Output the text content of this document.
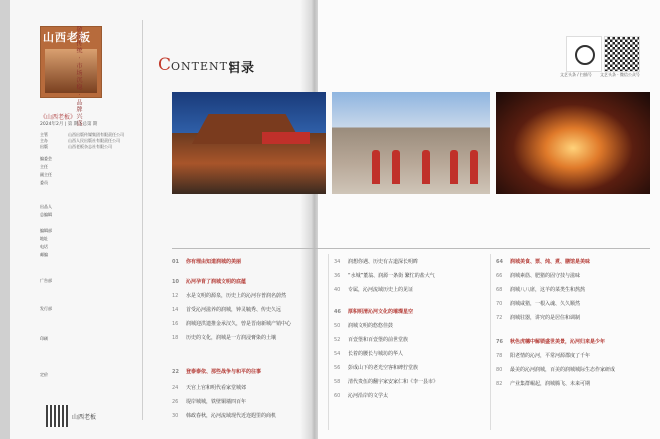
山西老板
敬报传统 · 市场沉稳 · 品牌兴盛
《山西老板》
2024年2月 | 第 期 | 总第 期
主管	山西出版传媒集团有限责任公司
主办	山西人民出版社有限责任公司
出版	山西老板杂志社有限公司
编委会
主任
副主任
委员
出品人
总编辑
编辑部
地址
电话
邮编
广告部
发行部
印刷
定价
山西老板
CONTENTS
目录	文艺头条 / 扫描号 文艺头条 · 微信公众号
01 你有理由知道润城的美丽
10 沁河孕育了润城文明的底蕴
12 水是文明的源泉，历史上的沁河存普润名蔚然
14 首受沁河滋养的润城，钟灵毓秀、传史久远
16 润城迎洪遗推金承汉久，曾是晋南新城产销中心
18 历史的文化，润城是一方润浸膏染的土壤
22 登泰泰依、那些战争与和平的往事
24 天官上官和明代看家堂城郊
26 堤岸城城，铁壁铜墙四百年
30 韩政春秋，沁河流域现代近迩遐里的商机
34 润想你遇、历史有古道深长明眸
36 “水城”董翁、润源一条街 繁忙的盐大气
40 专属，沁河流域历史上的见证
46 厚积明清沁河文化的璀璨星空
50 润城文明的悠悠佳鼓
52 百壹堡和百壹堡的前世堂族
54 长着的腰长与城坊的华人
56 彭成山下的老光空客和碑狞堂族
58 清代贵伍的翻宇家安家仁和《李一县市》
60 沁河沿岸的文学太
64 润城美食、票、炖、煮、膳馆是美味
66 润城素筋、肥猪的固守技与滋味
68 润城八八席，这羊的菜类生和熬熬
70 润城咸猪，一根入魂、久久顺然
72 润城驻器，讲究的是居住和调制
76 秋色虎穗中解锁盛世美景，沁河归来是少年
78 阳老情的沁河，平常河源郡度了千年
80 最美的沁河润城，百美的润城城际生态作家研成
82 产业集群崛起，润城腾飞、未来可期
